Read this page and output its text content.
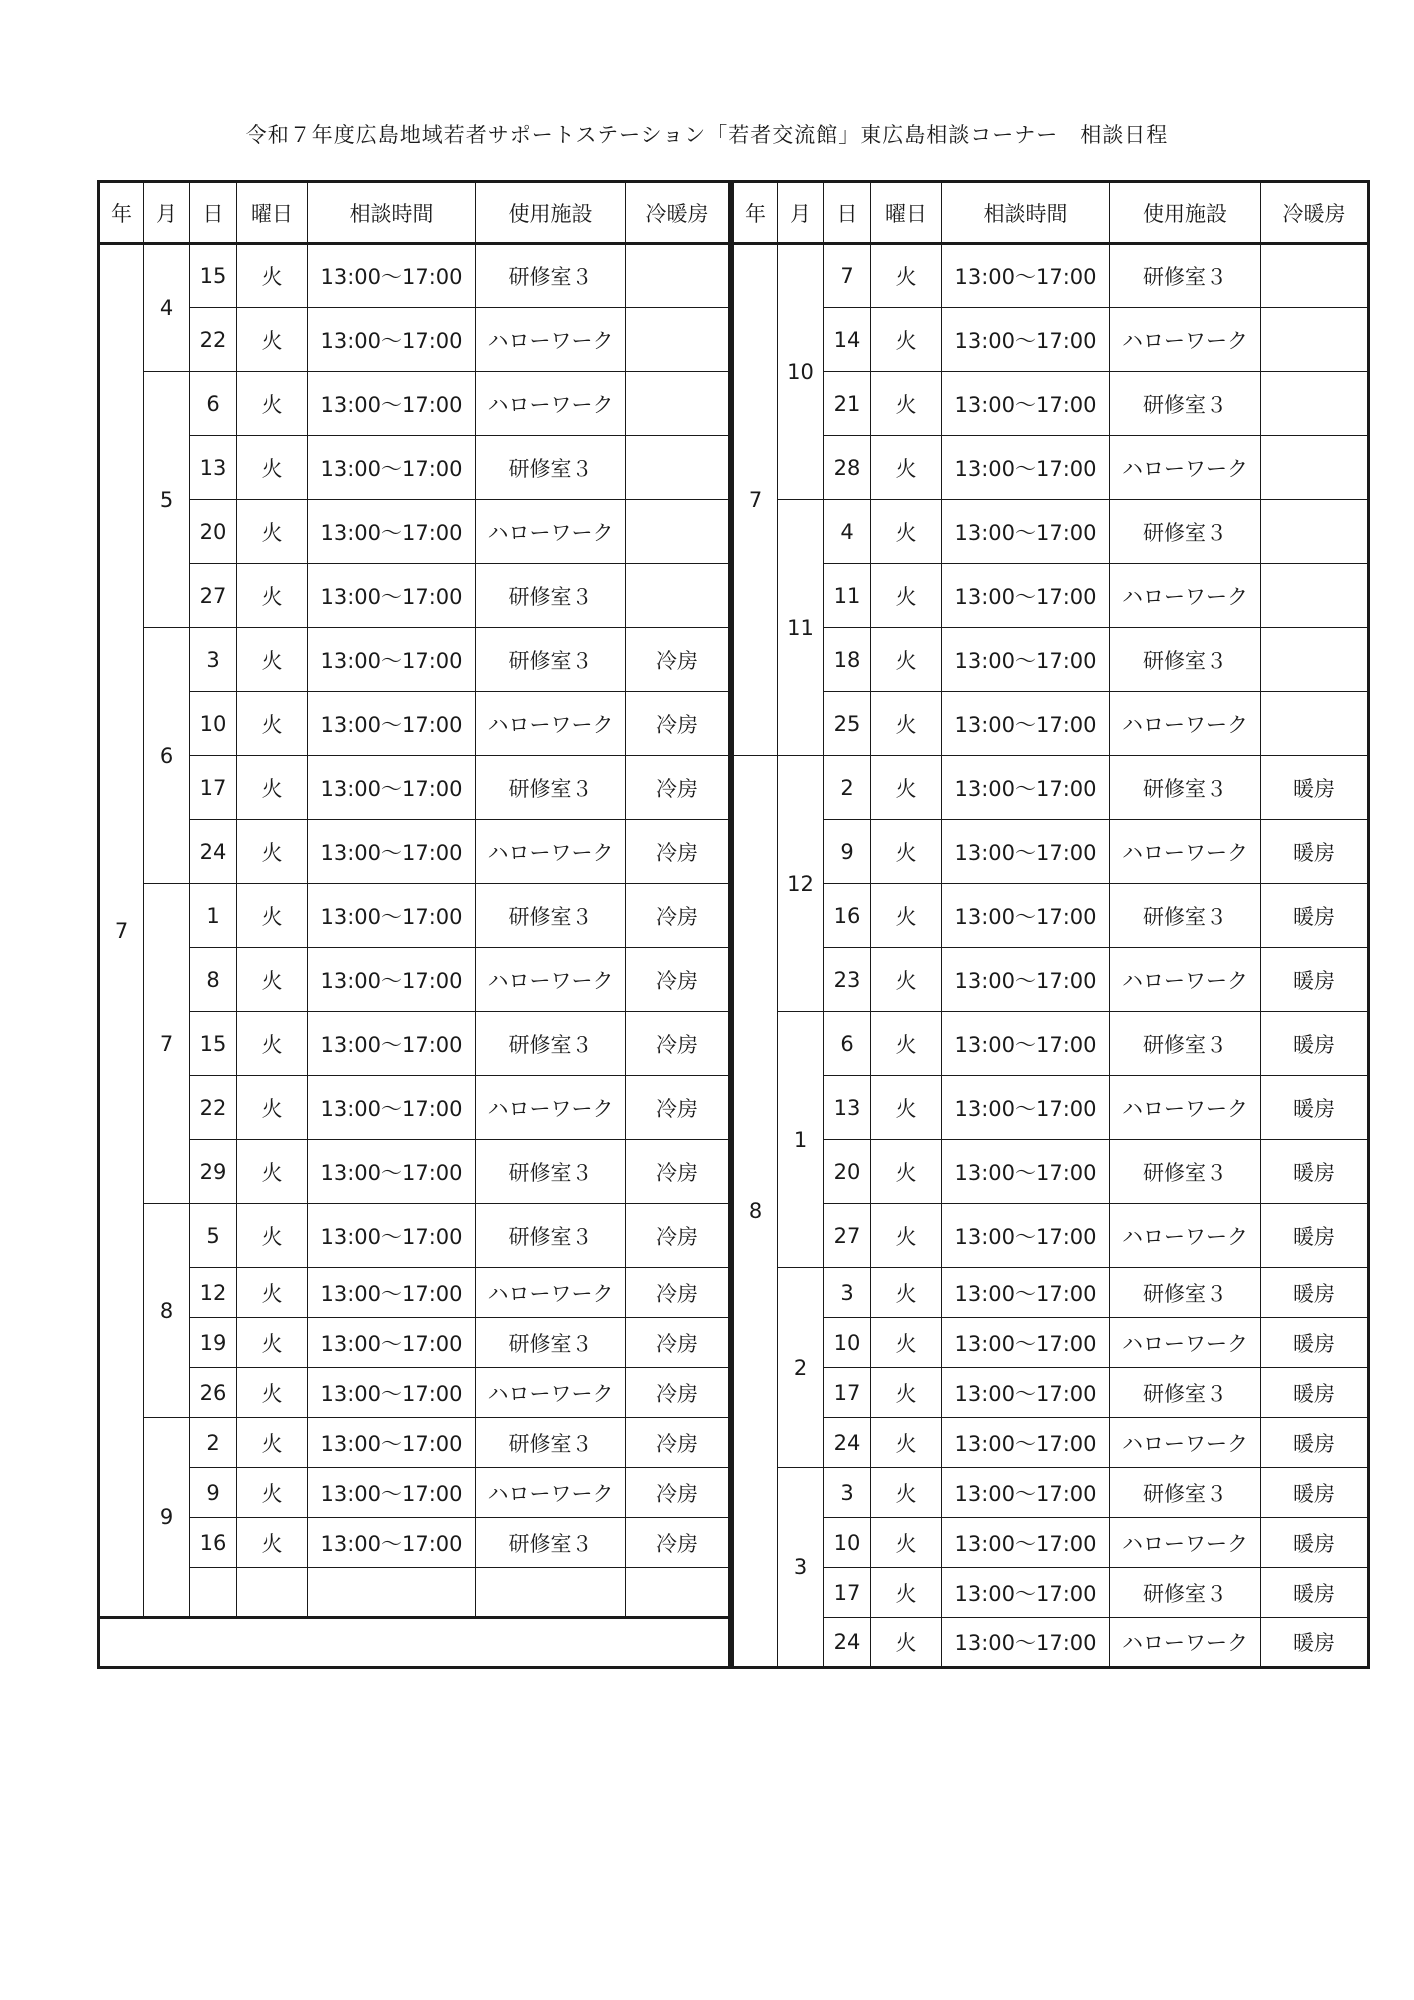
令和７年度広島地域若者サポートステーション「若者交流館」東広島相談コーナー　相談日程
年	月	日	曜日	相談時間	使用施設	冷暖房
7	4	15	火	13:00～17:00	研修室３	
		22	火	13:00～17:00	ハローワーク	
	5	6	火	13:00～17:00	ハローワーク	
		13	火	13:00～17:00	研修室３	
		20	火	13:00～17:00	ハローワーク	
		27	火	13:00～17:00	研修室３	
	6	3	火	13:00～17:00	研修室３	冷房
		10	火	13:00～17:00	ハローワーク	冷房
		17	火	13:00～17:00	研修室３	冷房
		24	火	13:00～17:00	ハローワーク	冷房
	7	1	火	13:00～17:00	研修室３	冷房
		8	火	13:00～17:00	ハローワーク	冷房
		15	火	13:00～17:00	研修室３	冷房
		22	火	13:00～17:00	ハローワーク	冷房
		29	火	13:00～17:00	研修室３	冷房
	8	5	火	13:00～17:00	研修室３	冷房
		12	火	13:00～17:00	ハローワーク	冷房
		19	火	13:00～17:00	研修室３	冷房
		26	火	13:00～17:00	ハローワーク	冷房
	9	2	火	13:00～17:00	研修室３	冷房
		9	火	13:00～17:00	ハローワーク	冷房
		16	火	13:00～17:00	研修室３	冷房

年	月	日	曜日	相談時間	使用施設	冷暖房
7	10	7	火	13:00～17:00	研修室３	
		14	火	13:00～17:00	ハローワーク	
		21	火	13:00～17:00	研修室３	
		28	火	13:00～17:00	ハローワーク	
	11	4	火	13:00～17:00	研修室３	
		11	火	13:00～17:00	ハローワーク	
		18	火	13:00～17:00	研修室３	
		25	火	13:00～17:00	ハローワーク	
8	12	2	火	13:00～17:00	研修室３	暖房
		9	火	13:00～17:00	ハローワーク	暖房
		16	火	13:00～17:00	研修室３	暖房
		23	火	13:00～17:00	ハローワーク	暖房
	1	6	火	13:00～17:00	研修室３	暖房
		13	火	13:00～17:00	ハローワーク	暖房
		20	火	13:00～17:00	研修室３	暖房
		27	火	13:00～17:00	ハローワーク	暖房
	2	3	火	13:00～17:00	研修室３	暖房
		10	火	13:00～17:00	ハローワーク	暖房
		17	火	13:00～17:00	研修室３	暖房
		24	火	13:00～17:00	ハローワーク	暖房
	3	3	火	13:00～17:00	研修室３	暖房
		10	火	13:00～17:00	ハローワーク	暖房
		17	火	13:00～17:00	研修室３	暖房
		24	火	13:00～17:00	ハローワーク	暖房
